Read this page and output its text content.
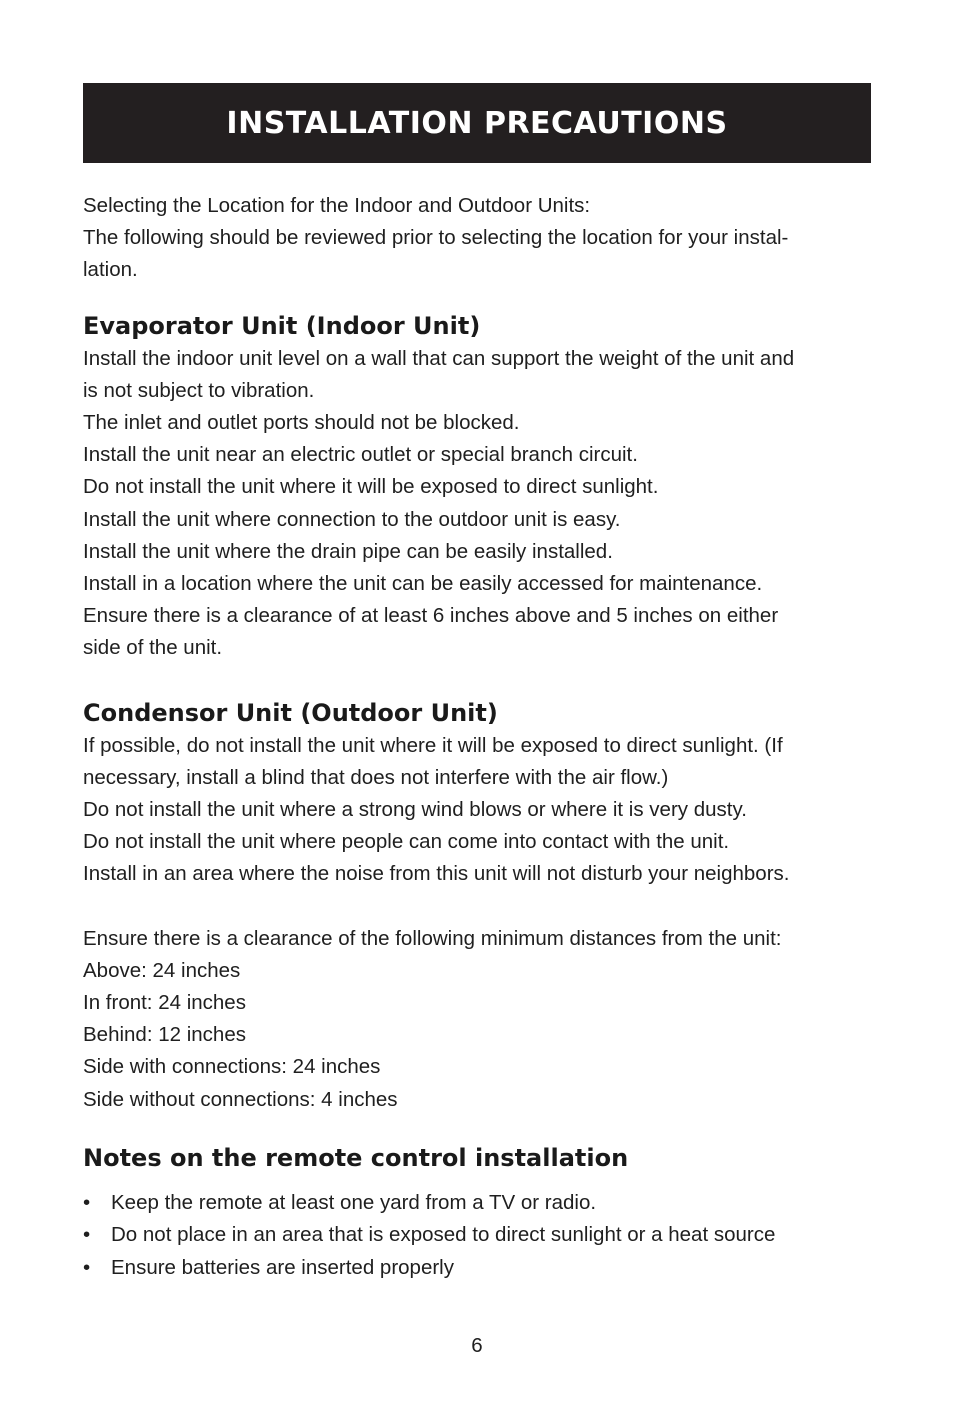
INSTALLATION PRECAUTIONS

Selecting the Location for the Indoor and Outdoor Units:

The following should be reviewed prior to selecting the location for your instal-

lation.

Evaporator Unit (Indoor Unit)

Install the indoor unit level on a wall that can support the weight of the unit and

is not subject to vibration.

The inlet and outlet ports should not be blocked.

Install the unit near an electric outlet or special branch circuit.

Do not install the unit where it will be exposed to direct sunlight.

Install the unit where connection to the outdoor unit is easy.

Install the unit where the drain pipe can be easily installed.

Install in a location where the unit can be easily accessed for maintenance.

Ensure there is a clearance of at least 6 inches above and 5 inches on either

side of the unit.

Condensor Unit (Outdoor Unit)

If possible, do not install the unit where it will be exposed to direct sunlight. (If

necessary, install a blind that does not interfere with the air flow.)

Do not install the unit where a strong wind blows or where it is very dusty.

Do not install the unit where people can come into contact with the unit.

Install in an area where the noise from this unit will not disturb your neighbors.

Ensure there is a clearance of the following minimum distances from the unit:

Above: 24 inches

In front: 24 inches

Behind: 12 inches

Side with connections: 24 inches

Side without connections: 4 inches

Notes on the remote control installation
• Keep the remote at least one yard from a TV or radio.
• Do not place in an area that is exposed to direct sunlight or a heat source
• Ensure batteries are inserted properly
6
